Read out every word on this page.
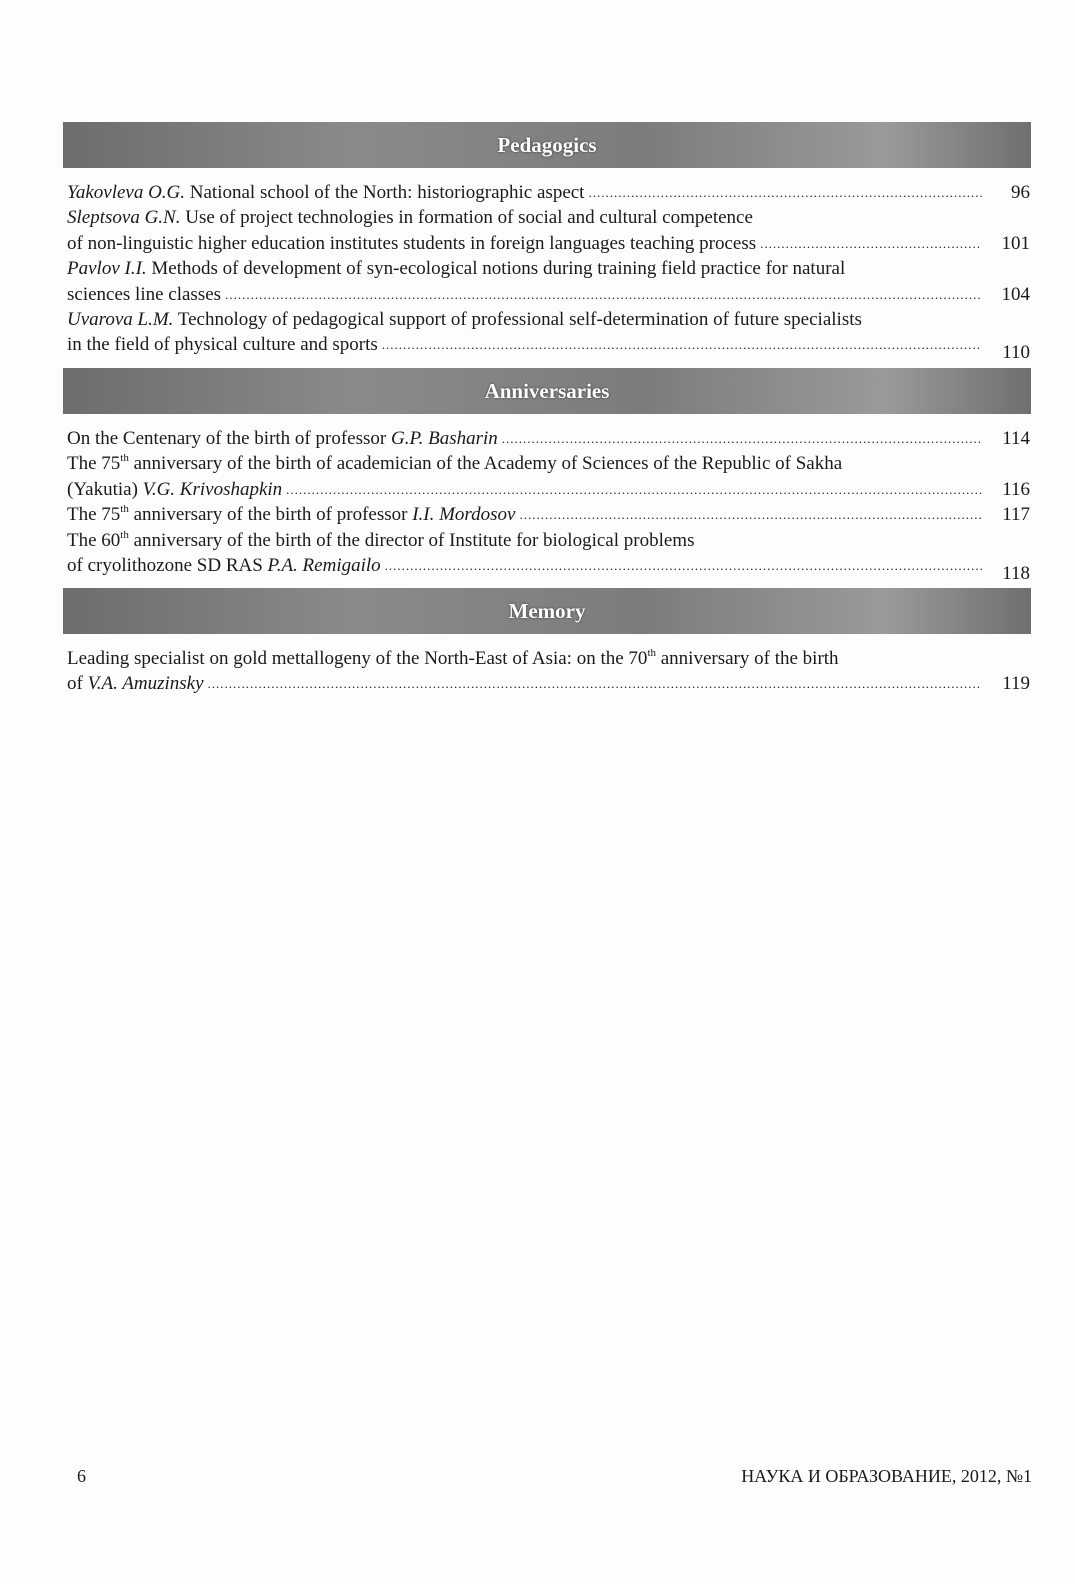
Pedagogics
Yakovleva O.G. National school of the North: historiographic aspect .....	96
Sleptsova G.N. Use of project technologies in formation of social and cultural competence
of non-linguistic higher education institutes students in foreign languages teaching process .....	101
Pavlov I.I. Methods of development of syn-ecological notions during training field practice for natural
sciences line classes .....	104
Uvarova L.M. Technology of pedagogical support of professional self-determination of future specialists
in the field of physical culture and sports .....	110
Anniversaries
On the Centenary of the birth of professor G.P. Basharin .....	114
The 75th anniversary of the birth of academician of the Academy of Sciences of the Republic of Sakha
(Yakutia) V.G. Krivoshapkin .....	116
The 75th anniversary of the birth of professor I.I. Mordosov .....	117
The 60th anniversary of the birth of the director of Institute for biological problems
of cryolithozone SD RAS P.A. Remigailo .....	118
Memory
Leading specialist on gold mettallogeny of the North-East of Asia: on the 70th anniversary of the birth
of V.A. Amuzinsky .....	119
6	НАУКА И ОБРАЗОВАНИЕ, 2012, №1
